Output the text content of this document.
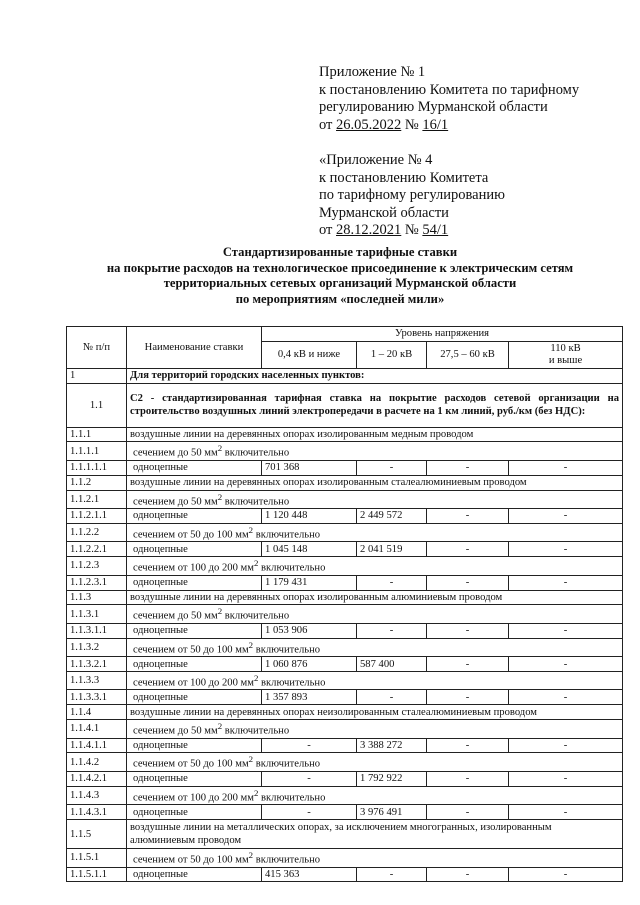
Приложение № 1
к постановлению Комитета по тарифному
регулированию Мурманской области
от 26.05.2022 № 16/1
«Приложение № 4
к постановлению Комитета
по тарифному регулированию
Мурманской области
от 28.12.2021 № 54/1
Стандартизированные тарифные ставки
на покрытие расходов на технологическое присоединение к электрическим сетям
территориальных сетевых организаций Мурманской области
по мероприятиям «последней мили»
№ п/п	Наименование ставки	Уровень напряжения			
		0,4 кВ и ниже	1 – 20 кВ	27,5 – 60 кВ	110 кВ
и выше

1	Для территорий городских населенных пунктов:				
1.1	С2 - стандартизированная тарифная ставка на покрытие расходов сетевой организации на строительство воздушных линий электропередачи в расчете на 1 км линий, руб./км (без НДС):				
1.1.1	воздушные линии на деревянных опорах изолированным медным проводом				
1.1.1.1	сечением до 50 $мм^2$ включительно				
1.1.1.1.1	одноцепные	701 368	-	-	-
1.1.2	воздушные линии на деревянных опорах изолированным сталеалюминиевым проводом				
1.1.2.1	сечением до 50 $мм^2$ включительно				
1.1.2.1.1	одноцепные	1 120 448	2 449 572	-	-
1.1.2.2	сечением от 50 до 100 $мм^2$ включительно				
1.1.2.2.1	одноцепные	1 045 148	2 041 519	-	-
1.1.2.3	сечением от 100 до 200 $мм^2$ включительно				
1.1.2.3.1	одноцепные	1 179 431	-	-	-
1.1.3	воздушные линии на деревянных опорах изолированным алюминиевым проводом				
1.1.3.1	сечением до 50 $мм^2$ включительно				
1.1.3.1.1	одноцепные	1 053 906	-	-	-
1.1.3.2	сечением от 50 до 100 $мм^2$ включительно				
1.1.3.2.1	одноцепные	1 060 876	587 400	-	-
1.1.3.3	сечением от 100 до 200 $мм^2$ включительно				
1.1.3.3.1	одноцепные	1 357 893	-	-	-
1.1.4	воздушные линии на деревянных опорах неизолированным сталеалюминиевым проводом				
1.1.4.1	сечением до 50 $мм^2$ включительно				
1.1.4.1.1	одноцепные	-	3 388 272	-	-
1.1.4.2	сечением от 50 до 100 $мм^2$ включительно				
1.1.4.2.1	одноцепные	-	1 792 922	-	-
1.1.4.3	сечением от 100 до 200 $мм^2$ включительно				
1.1.4.3.1	одноцепные	-	3 976 491	-	-
1.1.5	воздушные линии на металлических опорах, за исключением многогранных, изолированным алюминиевым проводом				
1.1.5.1	сечением от 50 до 100 $мм^2$ включительно				
1.1.5.1.1	одноцепные	415 363	-	-	-
